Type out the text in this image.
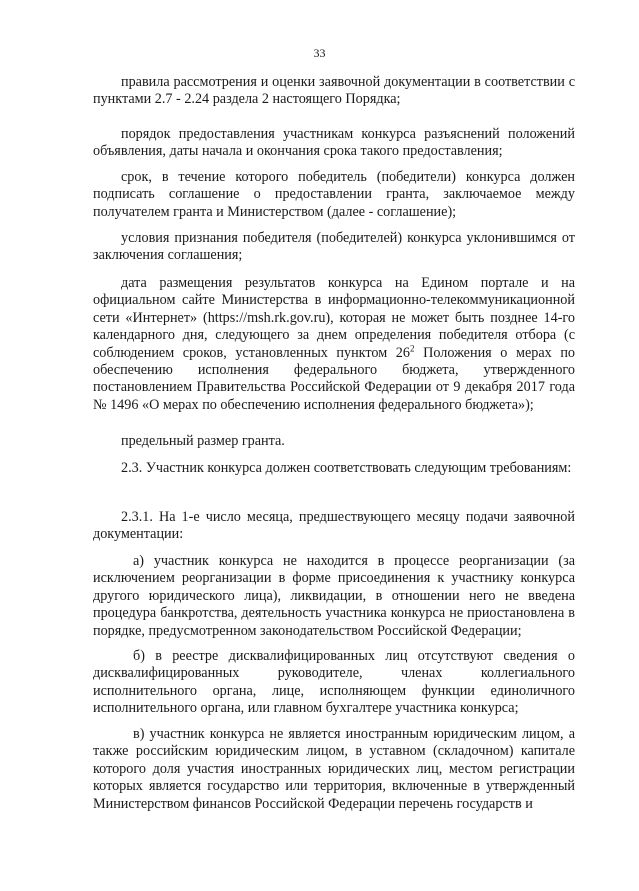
33

правила рассмотрения и оценки заявочной документации в соответствии с пунктами 2.7 - 2.24 раздела 2 настоящего Порядка;

порядок предоставления участникам конкурса разъяснений положений объявления, даты начала и окончания срока такого предоставления;

срок, в течение которого победитель (победители) конкурса должен подписать соглашение о предоставлении гранта, заключаемое между получателем гранта и Министерством (далее - соглашение);

условия признания победителя (победителей) конкурса уклонившимся от заключения соглашения;

дата размещения результатов конкурса на Едином портале и на официальном сайте Министерства в информационно-телекоммуникационной сети «Интернет» (https://msh.rk.gov.ru), которая не может быть позднее 14-го календарного дня, следующего за днем определения победителя отбора (с соблюдением сроков, установленных пунктом $26^2$ Положения о мерах по обеспечению исполнения федерального бюджета, утвержденного постановлением Правительства Российской Федерации от 9 декабря 2017 года № 1496 «О мерах по обеспечению исполнения федерального бюджета»);

предельный размер гранта.

2.3. Участник конкурса должен соответствовать следующим требованиям:

2.3.1. На 1-е число месяца, предшествующего месяцу подачи заявочной документации:

а) участник конкурса не находится в процессе реорганизации (за исключением реорганизации в форме присоединения к участнику конкурса другого юридического лица), ликвидации, в отношении него не введена процедура банкротства, деятельность участника конкурса не приостановлена в порядке, предусмотренном законодательством Российской Федерации;

б) в реестре дисквалифицированных лиц отсутствуют сведения о дисквалифицированных руководителе, членах коллегиального исполнительного органа, лице, исполняющем функции единоличного исполнительного органа, или главном бухгалтере участника конкурса;

в) участник конкурса не является иностранным юридическим лицом, а также российским юридическим лицом, в уставном (складочном) капитале которого доля участия иностранных юридических лиц, местом регистрации которых является государство или территория, включенные в утвержденный Министерством финансов Российской Федерации перечень государств и
